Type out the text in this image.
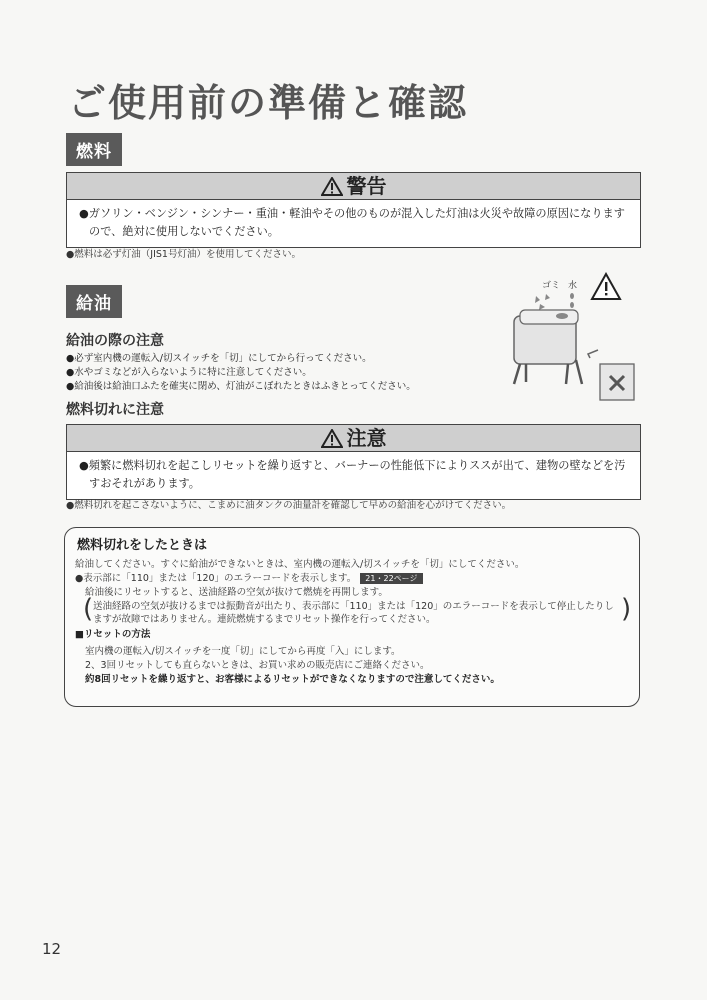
ご使用前の準備と確認
燃料
警告
●ガソリン・ベンジン・シンナー・重油・軽油やその他のものが混入した灯油は火災や故障の原因になりますので、絶対に使用しないでください。
●燃料は必ず灯油（JIS1号灯油）を使用してください。
給油
ゴミ 水
給油の際の注意
●必ず室内機の運転入/切スイッチを「切」にしてから行ってください。
●水やゴミなどが入らないように特に注意してください。
●給油後は給油口ふたを確実に閉め、灯油がこぼれたときはふきとってください。
燃料切れに注意
注意
●頻繁に燃料切れを起こしリセットを繰り返すと、バーナーの性能低下によりススが出て、建物の壁などを汚すおそれがあります。
●燃料切れを起こさないように、こまめに油タンクの油量計を確認して早めの給油を心がけてください。
燃料切れをしたときは
給油してください。すぐに給油ができないときは、室内機の運転入/切スイッチを「切」にしてください。
●表示部に「110」または「120」のエラーコードを表示します。 21・22ページ
給油後にリセットすると、送油経路の空気が抜けて燃焼を再開します。
( 送油経路の空気が抜けるまでは振動音が出たり、表示部に「110」または「120」のエラーコードを表示して停止したりし
ますが故障ではありません。連続燃焼するまでリセット操作を行ってください。	)
■リセットの方法
室内機の運転入/切スイッチを一度「切」にしてから再度「入」にします。
2、3回リセットしても直らないときは、お買い求めの販売店にご連絡ください。
約8回リセットを繰り返すと、お客様によるリセットができなくなりますので注意してください。
12
